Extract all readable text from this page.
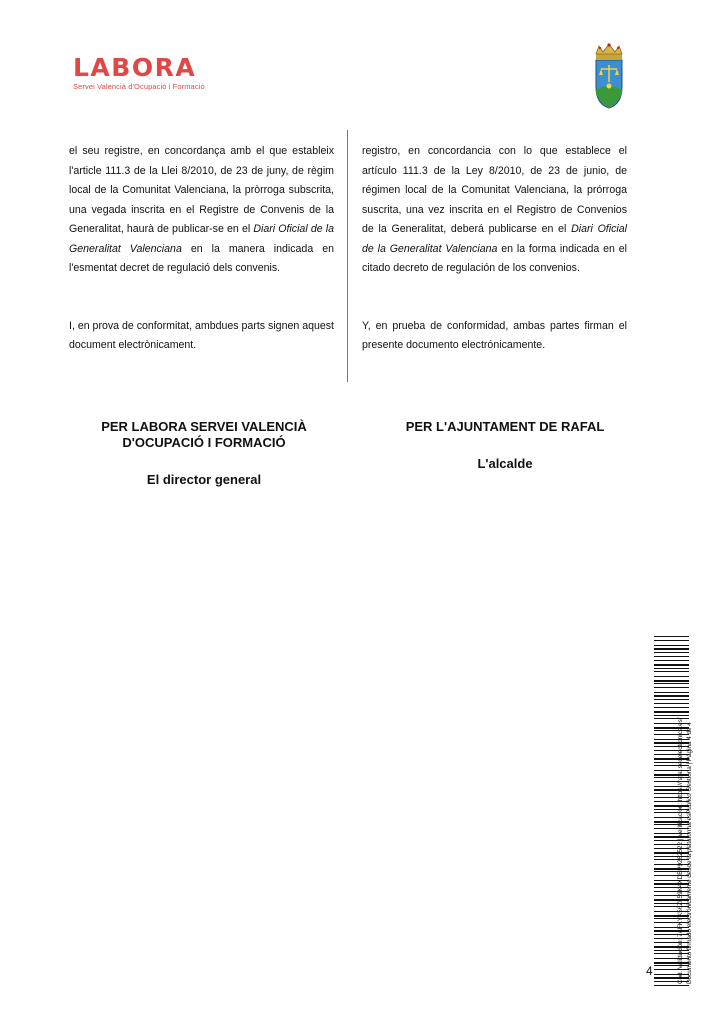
LABORA
Servei Valencià d'Ocupació i Formació

el seu registre, en concordança amb el que estableix l'article 111.3 de la Llei 8/2010, de 23 de juny, de règim local de la Comunitat Valenciana, la pròrroga subscrita, una vegada inscrita en el Registre de Convenis de la Generalitat, haurà de publicar-se en el Diari Oficial de la Generalitat Valenciana en la manera indicada en l'esmentat decret de regulació dels convenis.

I, en prova de conformitat, ambdues parts signen aquest document electrònicament.

registro, en concordancia con lo que establece el artículo 111.3 de la Ley 8/2010, de 23 de junio, de régimen local de la Comunitat Valenciana, la prórroga suscrita, una vez inscrita en el Registro de Convenios de la Generalitat, deberá publicarse en el Diari Oficial de la Generalitat Valenciana en la forma indicada en el citado decreto de regulación de los convenios.

Y, en prueba de conformidad, ambas partes firman el presente documento electrónicamente.

PER LABORA SERVEI VALENCIÀ
D'OCUPACIÓ I FORMACIÓ
El director general
PER L'AJUNTAMENT DE RAFAL
L'alcalde
4	Cód. Validación: 7AFKYK56ZL59K4XDEP9262522 | Verificación: https://rafal.sedelectronica.es/ Documento firmado electrónicamente desde la plataforma esPublico Gestiona | Página 4 de 4
